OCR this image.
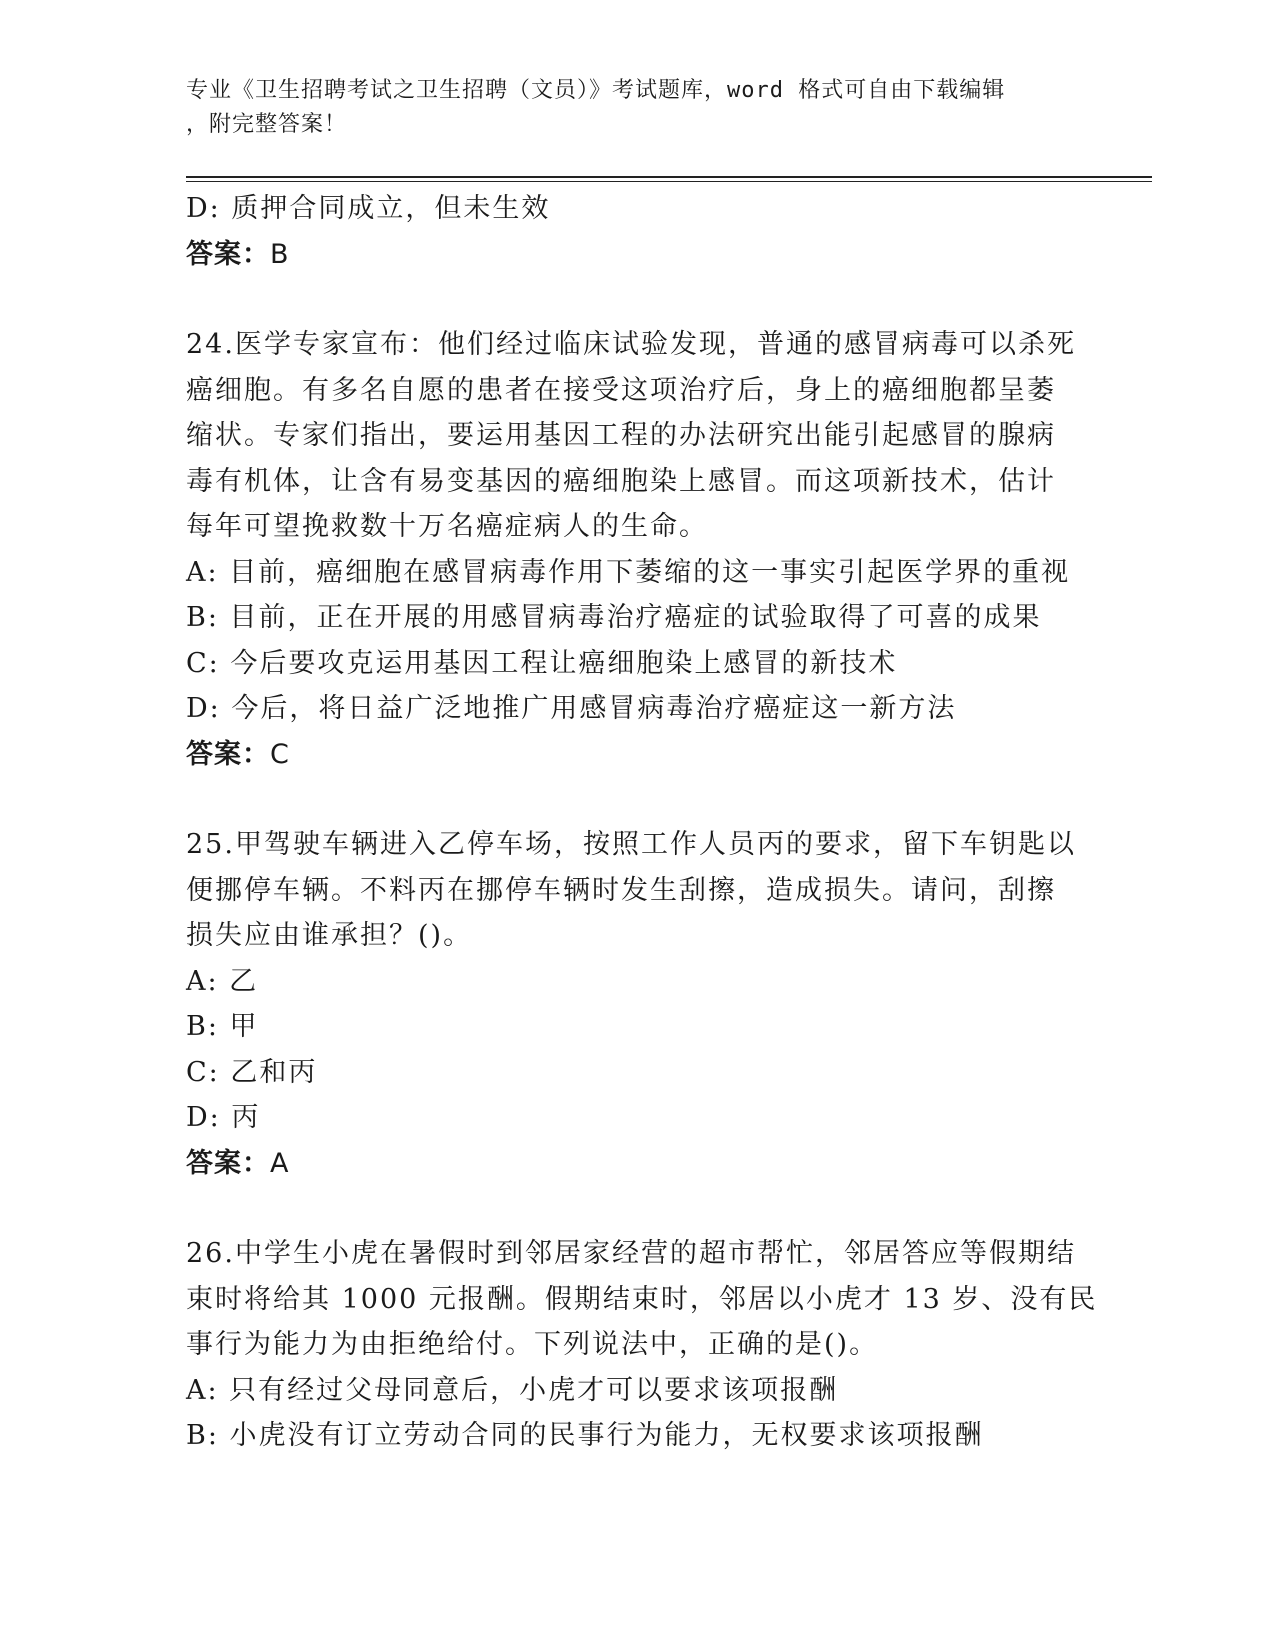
专业《卫生招聘考试之卫生招聘（文员）》考试题库，word 格式可自由下载编辑
，附完整答案！
D: 质押合同成立，但未生效
答案：B
24.医学专家宣布：他们经过临床试验发现，普通的感冒病毒可以杀死
癌细胞。有多名自愿的患者在接受这项治疗后，身上的癌细胞都呈萎
缩状。专家们指出，要运用基因工程的办法研究出能引起感冒的腺病
毒有机体，让含有易变基因的癌细胞染上感冒。而这项新技术，估计
每年可望挽救数十万名癌症病人的生命。
A: 目前，癌细胞在感冒病毒作用下萎缩的这一事实引起医学界的重视
B: 目前，正在开展的用感冒病毒治疗癌症的试验取得了可喜的成果
C: 今后要攻克运用基因工程让癌细胞染上感冒的新技术
D: 今后，将日益广泛地推广用感冒病毒治疗癌症这一新方法
答案：C
25.甲驾驶车辆进入乙停车场，按照工作人员丙的要求，留下车钥匙以
便挪停车辆。不料丙在挪停车辆时发生刮擦，造成损失。请问，刮擦
损失应由谁承担？()。
A: 乙
B: 甲
C: 乙和丙
D: 丙
答案：A
26.中学生小虎在暑假时到邻居家经营的超市帮忙，邻居答应等假期结
束时将给其 1000 元报酬。假期结束时，邻居以小虎才 13 岁、没有民
事行为能力为由拒绝给付。下列说法中，正确的是()。
A: 只有经过父母同意后，小虎才可以要求该项报酬
B: 小虎没有订立劳动合同的民事行为能力，无权要求该项报酬
